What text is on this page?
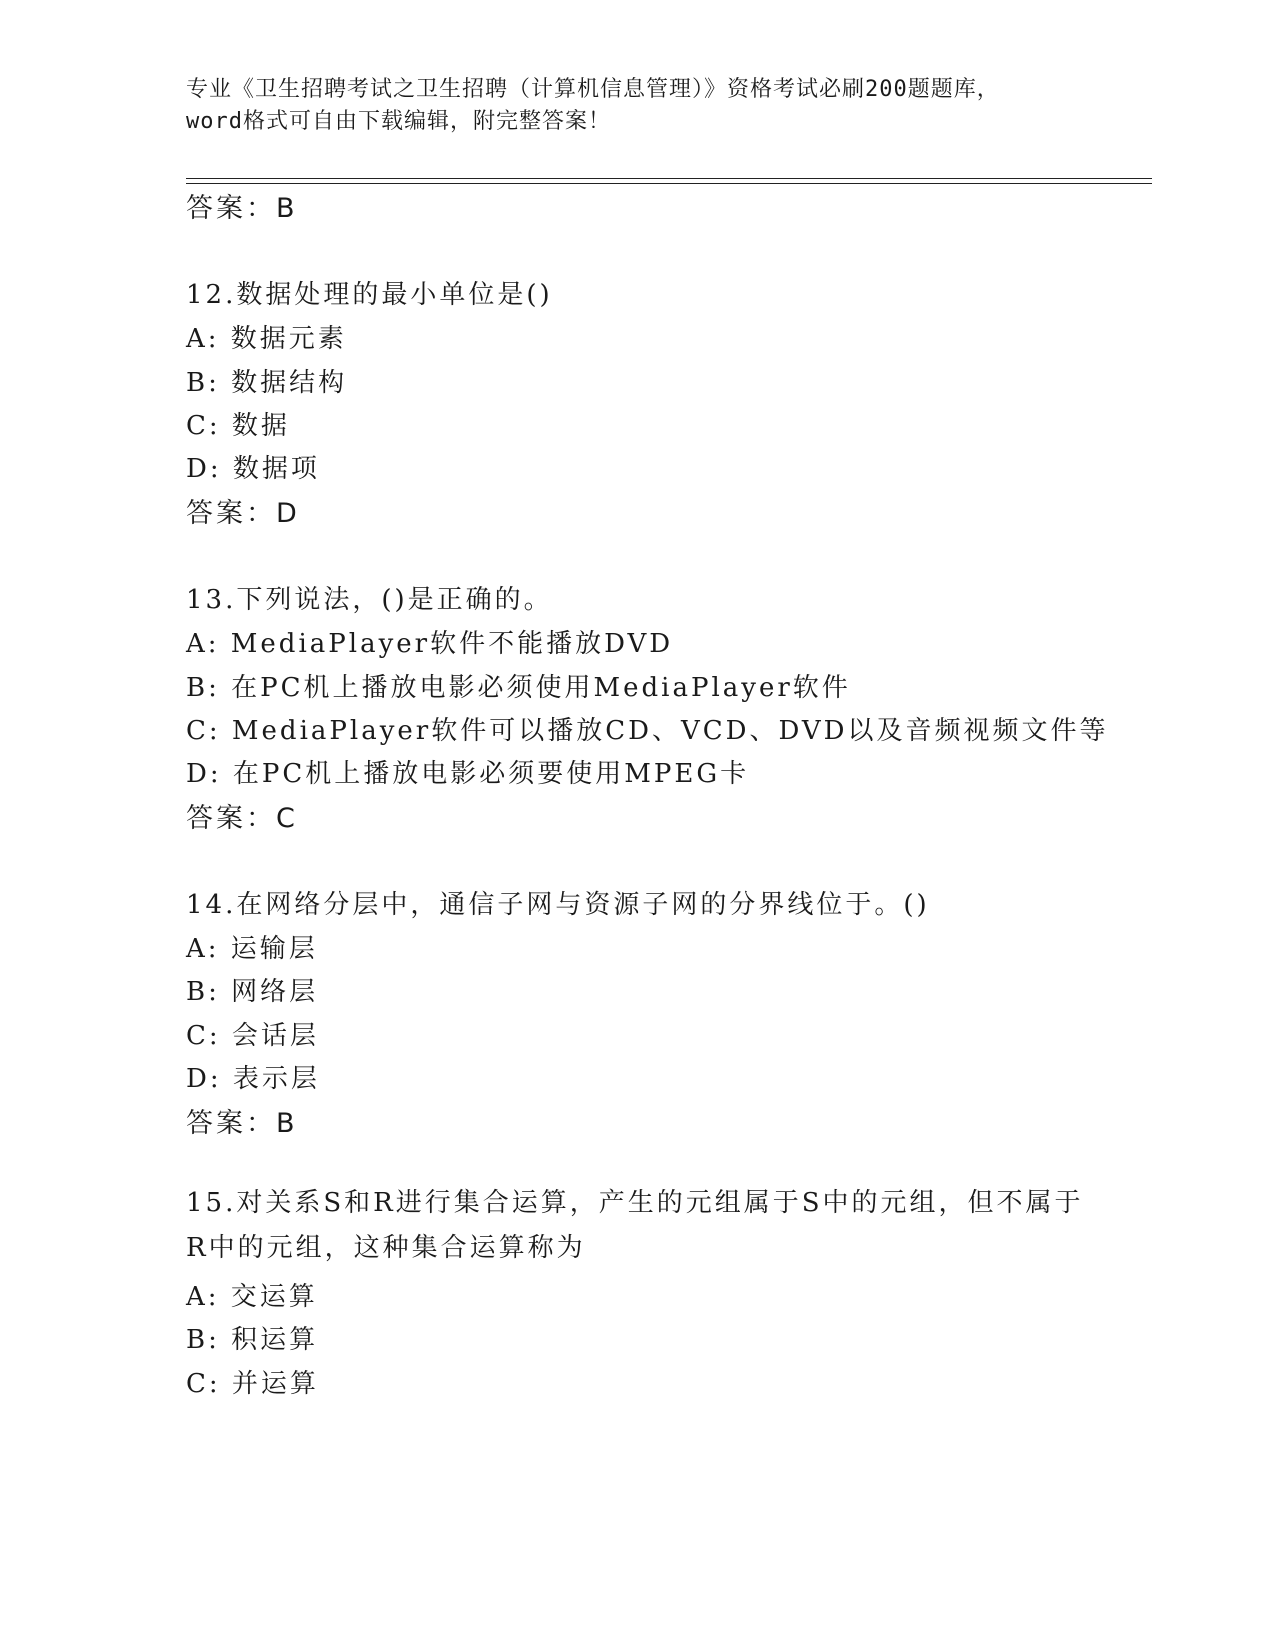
专业《卫生招聘考试之卫生招聘（计算机信息管理）》资格考试必刷200题题库，
word格式可自由下载编辑，附完整答案！
答案：B
12.数据处理的最小单位是()
A: 数据元素
B: 数据结构
C: 数据
D: 数据项
答案：D
13.下列说法，()是正确的。
A: MediaPlayer软件不能播放DVD
B: 在PC机上播放电影必须使用MediaPlayer软件
C: MediaPlayer软件可以播放CD、VCD、DVD以及音频视频文件等
D: 在PC机上播放电影必须要使用MPEG卡
答案：C
14.在网络分层中，通信子网与资源子网的分界线位于。()
A: 运输层
B: 网络层
C: 会话层
D: 表示层
答案：B
15.对关系S和R进行集合运算，产生的元组属于S中的元组，但不属于R中的元组，这种集合运算称为
A: 交运算
B: 积运算
C: 并运算
